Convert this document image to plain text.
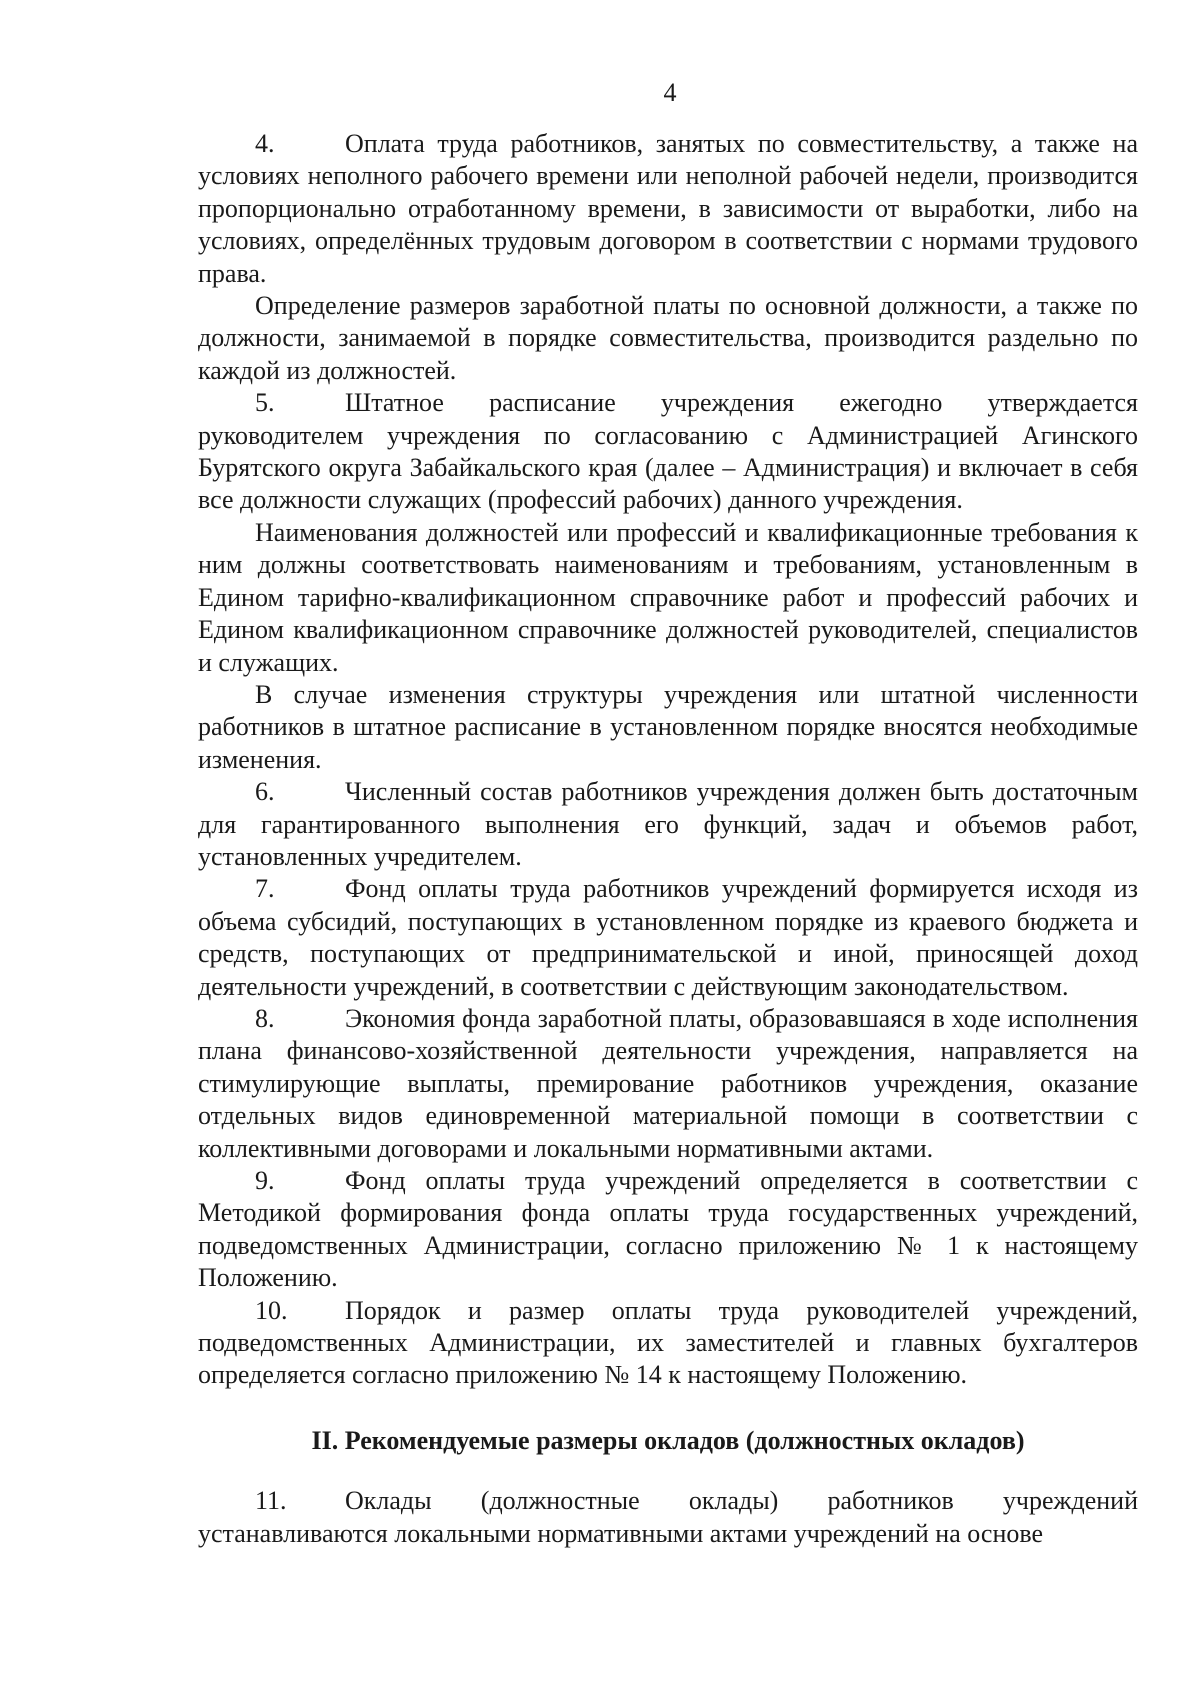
4

4.	Оплата труда работников, занятых по совместительству, а также на условиях неполного рабочего времени или неполной рабочей недели, производится пропорционально отработанному времени, в зависимости от выработки, либо на условиях, определённых трудовым договором в соответствии с нормами трудового права.

Определение размеров заработной платы по основной должности, а также по должности, занимаемой в порядке совместительства, производится раздельно по каждой из должностей.

5.	Штатное расписание учреждения ежегодно утверждается руководителем учреждения по согласованию с Администрацией Агинского Бурятского округа Забайкальского края (далее – Администрация) и включает в себя все должности служащих (профессий рабочих) данного учреждения.

Наименования должностей или профессий и квалификационные требования к ним должны соответствовать наименованиям и требованиям, установленным в Едином тарифно-квалификационном справочнике работ и профессий рабочих и Едином квалификационном справочнике должностей руководителей, специалистов и служащих.

В случае изменения структуры учреждения или штатной численности работников в штатное расписание в установленном порядке вносятся необходимые изменения.

6.	Численный состав работников учреждения должен быть достаточным для гарантированного выполнения его функций, задач и объемов работ, установленных учредителем.

7.	Фонд оплаты труда работников учреждений формируется исходя из объема субсидий, поступающих в установленном порядке из краевого бюджета и средств, поступающих от предпринимательской и иной, приносящей доход деятельности учреждений, в соответствии с действующим законодательством.

8.	Экономия фонда заработной платы, образовавшаяся в ходе исполнения плана финансово-хозяйственной деятельности учреждения, направляется на стимулирующие выплаты, премирование работников учреждения, оказание отдельных видов единовременной материальной помощи в соответствии с коллективными договорами и локальными нормативными актами.

9.	Фонд оплаты труда учреждений определяется в соответствии с Методикой формирования фонда оплаты труда государственных учреждений, подведомственных Администрации, согласно приложению № 1 к настоящему Положению.

10. Порядок и размер оплаты труда руководителей учреждений, подведомственных Администрации, их заместителей и главных бухгалтеров определяется согласно приложению № 14 к настоящему Положению.

II. Рекомендуемые размеры окладов (должностных окладов)

11. Оклады (должностные оклады) работников учреждений устанавливаются локальными нормативными актами учреждений на основе
